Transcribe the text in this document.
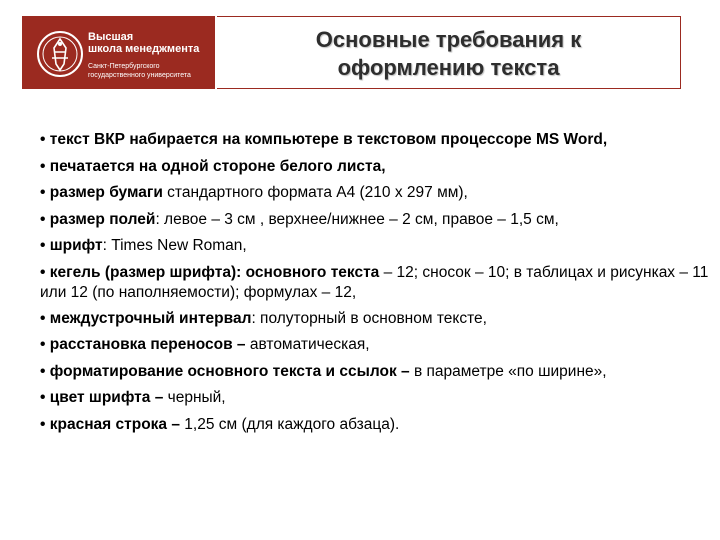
Высшая
школа менеджмента
Санкт-Петербургского
государственного университета
Основные требования к
оформлению текста

• текст ВКР набирается на компьютере в текстовом процессоре MS Word,

• печатается на одной стороне белого листа,

• размер бумаги стандартного формата А4 (210 х 297 мм),

• размер полей: левое – 3 см , верхнее/нижнее – 2 см, правое – 1,5 см,

• шрифт: Times New Roman,

• кегель (размер шрифта): основного текста – 12; сносок – 10; в таблицах и рисунках – 11 или 12 (по наполняемости); формулах – 12,

• междустрочный интервал: полуторный в основном тексте,

• расстановка переносов – автоматическая,

• форматирование основного текста и ссылок – в параметре «по ширине»,

• цвет шрифта – черный,

• красная строка – 1,25 см (для каждого абзаца).
